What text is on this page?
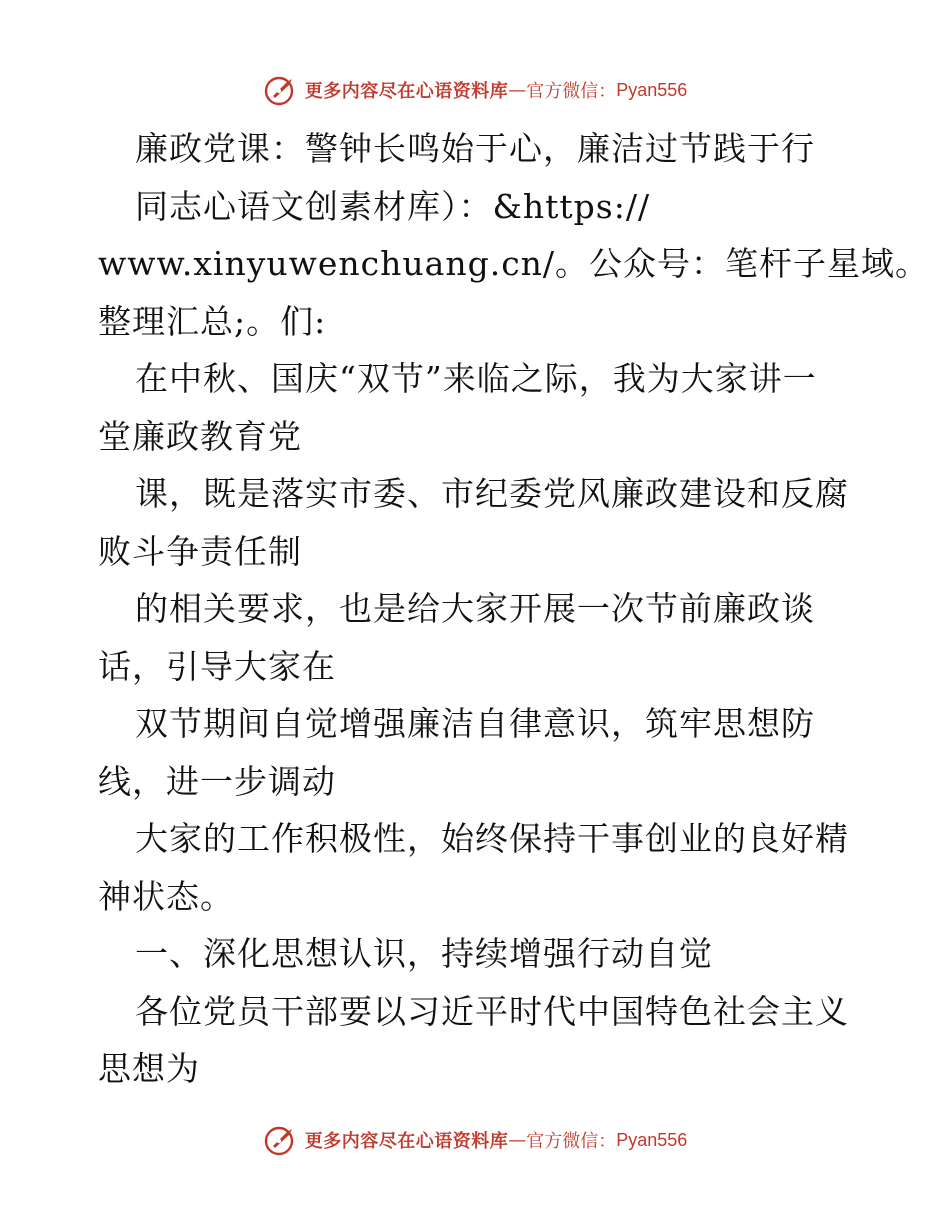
更多内容尽在心语资料库 — 官方微信： Pyan556
廉政党课：警钟长鸣始于心，廉洁过节践于行
同志心语文创素材库）：&https://
www.xinyuwenchuang.cn/。公众号：笔杆子星域。
整理汇总;。们:
在中秋、国庆“双节”来临之际，我为大家讲一
堂廉政教育党
课，既是落实市委、市纪委党风廉政建设和反腐
败斗争责任制
的相关要求，也是给大家开展一次节前廉政谈
话，引导大家在
双节期间自觉增强廉洁自律意识，筑牢思想防
线，进一步调动
大家的工作积极性，始终保持干事创业的良好精
神状态。
一、深化思想认识，持续增强行动自觉
各位党员干部要以习近平时代中国特色社会主义
思想为
更多内容尽在心语资料库 — 官方微信： Pyan556
